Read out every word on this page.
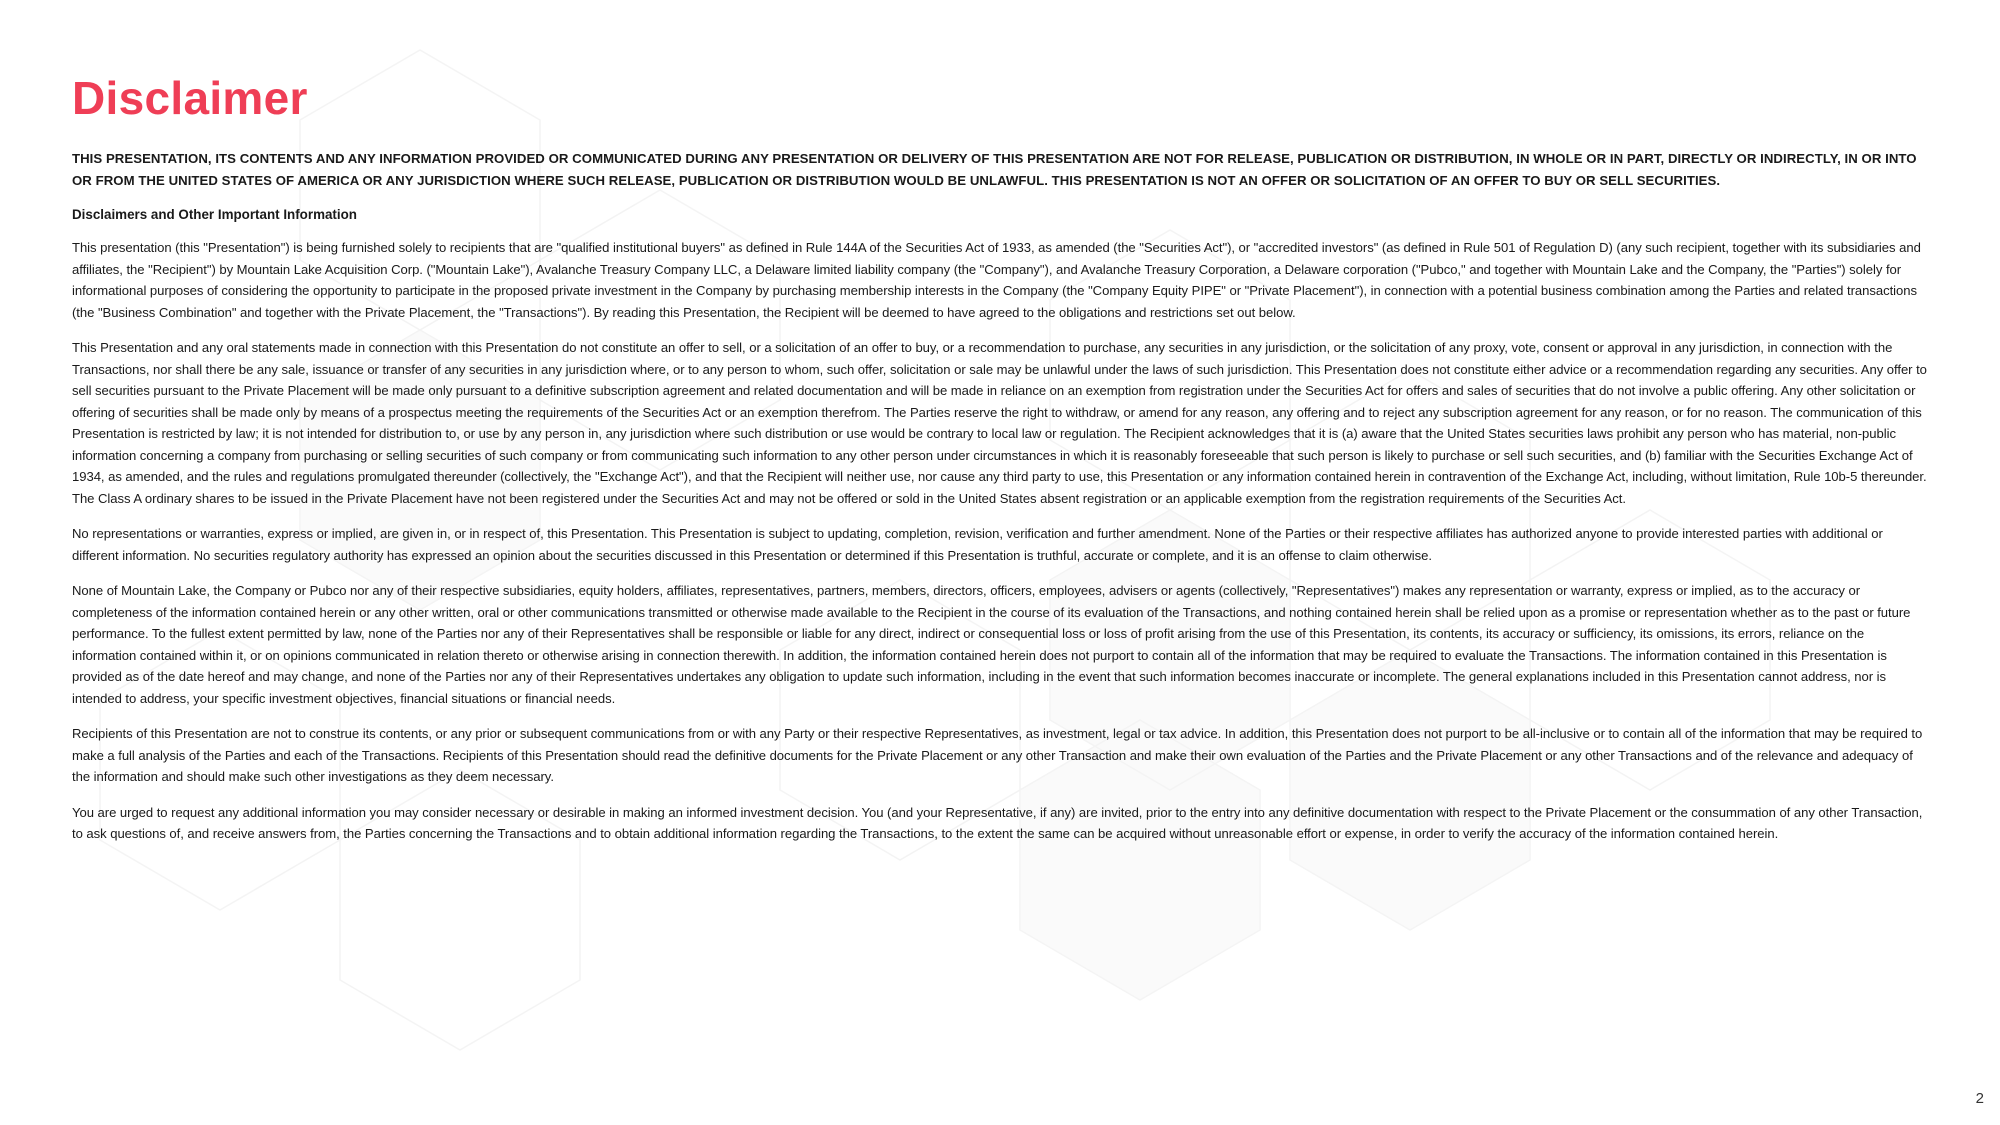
Disclaimer

THIS PRESENTATION, ITS CONTENTS AND ANY INFORMATION PROVIDED OR COMMUNICATED DURING ANY PRESENTATION OR DELIVERY OF THIS PRESENTATION ARE NOT FOR RELEASE, PUBLICATION OR DISTRIBUTION, IN WHOLE OR IN PART, DIRECTLY OR INDIRECTLY, IN OR INTO OR FROM THE UNITED STATES OF AMERICA OR ANY JURISDICTION WHERE SUCH RELEASE, PUBLICATION OR DISTRIBUTION WOULD BE UNLAWFUL. THIS PRESENTATION IS NOT AN OFFER OR SOLICITATION OF AN OFFER TO BUY OR SELL SECURITIES.

Disclaimers and Other Important Information

This presentation (this "Presentation") is being furnished solely to recipients that are "qualified institutional buyers" as defined in Rule 144A of the Securities Act of 1933, as amended (the "Securities Act"), or "accredited investors" (as defined in Rule 501 of Regulation D) (any such recipient, together with its subsidiaries and affiliates, the "Recipient") by Mountain Lake Acquisition Corp. ("Mountain Lake"), Avalanche Treasury Company LLC, a Delaware limited liability company (the "Company"), and Avalanche Treasury Corporation, a Delaware corporation ("Pubco," and together with Mountain Lake and the Company, the "Parties") solely for informational purposes of considering the opportunity to participate in the proposed private investment in the Company by purchasing membership interests in the Company (the "Company Equity PIPE" or "Private Placement"), in connection with a potential business combination among the Parties and related transactions (the "Business Combination" and together with the Private Placement, the "Transactions"). By reading this Presentation, the Recipient will be deemed to have agreed to the obligations and restrictions set out below.

This Presentation and any oral statements made in connection with this Presentation do not constitute an offer to sell, or a solicitation of an offer to buy, or a recommendation to purchase, any securities in any jurisdiction, or the solicitation of any proxy, vote, consent or approval in any jurisdiction, in connection with the Transactions, nor shall there be any sale, issuance or transfer of any securities in any jurisdiction where, or to any person to whom, such offer, solicitation or sale may be unlawful under the laws of such jurisdiction. This Presentation does not constitute either advice or a recommendation regarding any securities. Any offer to sell securities pursuant to the Private Placement will be made only pursuant to a definitive subscription agreement and related documentation and will be made in reliance on an exemption from registration under the Securities Act for offers and sales of securities that do not involve a public offering. Any other solicitation or offering of securities shall be made only by means of a prospectus meeting the requirements of the Securities Act or an exemption therefrom. The Parties reserve the right to withdraw, or amend for any reason, any offering and to reject any subscription agreement for any reason, or for no reason. The communication of this Presentation is restricted by law; it is not intended for distribution to, or use by any person in, any jurisdiction where such distribution or use would be contrary to local law or regulation. The Recipient acknowledges that it is (a) aware that the United States securities laws prohibit any person who has material, non-public information concerning a company from purchasing or selling securities of such company or from communicating such information to any other person under circumstances in which it is reasonably foreseeable that such person is likely to purchase or sell such securities, and (b) familiar with the Securities Exchange Act of 1934, as amended, and the rules and regulations promulgated thereunder (collectively, the "Exchange Act"), and that the Recipient will neither use, nor cause any third party to use, this Presentation or any information contained herein in contravention of the Exchange Act, including, without limitation, Rule 10b-5 thereunder. The Class A ordinary shares to be issued in the Private Placement have not been registered under the Securities Act and may not be offered or sold in the United States absent registration or an applicable exemption from the registration requirements of the Securities Act.

No representations or warranties, express or implied, are given in, or in respect of, this Presentation. This Presentation is subject to updating, completion, revision, verification and further amendment. None of the Parties or their respective affiliates has authorized anyone to provide interested parties with additional or different information. No securities regulatory authority has expressed an opinion about the securities discussed in this Presentation or determined if this Presentation is truthful, accurate or complete, and it is an offense to claim otherwise.

None of Mountain Lake, the Company or Pubco nor any of their respective subsidiaries, equity holders, affiliates, representatives, partners, members, directors, officers, employees, advisers or agents (collectively, "Representatives") makes any representation or warranty, express or implied, as to the accuracy or completeness of the information contained herein or any other written, oral or other communications transmitted or otherwise made available to the Recipient in the course of its evaluation of the Transactions, and nothing contained herein shall be relied upon as a promise or representation whether as to the past or future performance. To the fullest extent permitted by law, none of the Parties nor any of their Representatives shall be responsible or liable for any direct, indirect or consequential loss or loss of profit arising from the use of this Presentation, its contents, its accuracy or sufficiency, its omissions, its errors, reliance on the information contained within it, or on opinions communicated in relation thereto or otherwise arising in connection therewith. In addition, the information contained herein does not purport to contain all of the information that may be required to evaluate the Transactions. The information contained in this Presentation is provided as of the date hereof and may change, and none of the Parties nor any of their Representatives undertakes any obligation to update such information, including in the event that such information becomes inaccurate or incomplete. The general explanations included in this Presentation cannot address, nor is intended to address, your specific investment objectives, financial situations or financial needs.

Recipients of this Presentation are not to construe its contents, or any prior or subsequent communications from or with any Party or their respective Representatives, as investment, legal or tax advice. In addition, this Presentation does not purport to be all-inclusive or to contain all of the information that may be required to make a full analysis of the Parties and each of the Transactions. Recipients of this Presentation should read the definitive documents for the Private Placement or any other Transaction and make their own evaluation of the Parties and the Private Placement or any other Transactions and of the relevance and adequacy of the information and should make such other investigations as they deem necessary.

You are urged to request any additional information you may consider necessary or desirable in making an informed investment decision. You (and your Representative, if any) are invited, prior to the entry into any definitive documentation with respect to the Private Placement or the consummation of any other Transaction, to ask questions of, and receive answers from, the Parties concerning the Transactions and to obtain additional information regarding the Transactions, to the extent the same can be acquired without unreasonable effort or expense, in order to verify the accuracy of the information contained herein.

2
